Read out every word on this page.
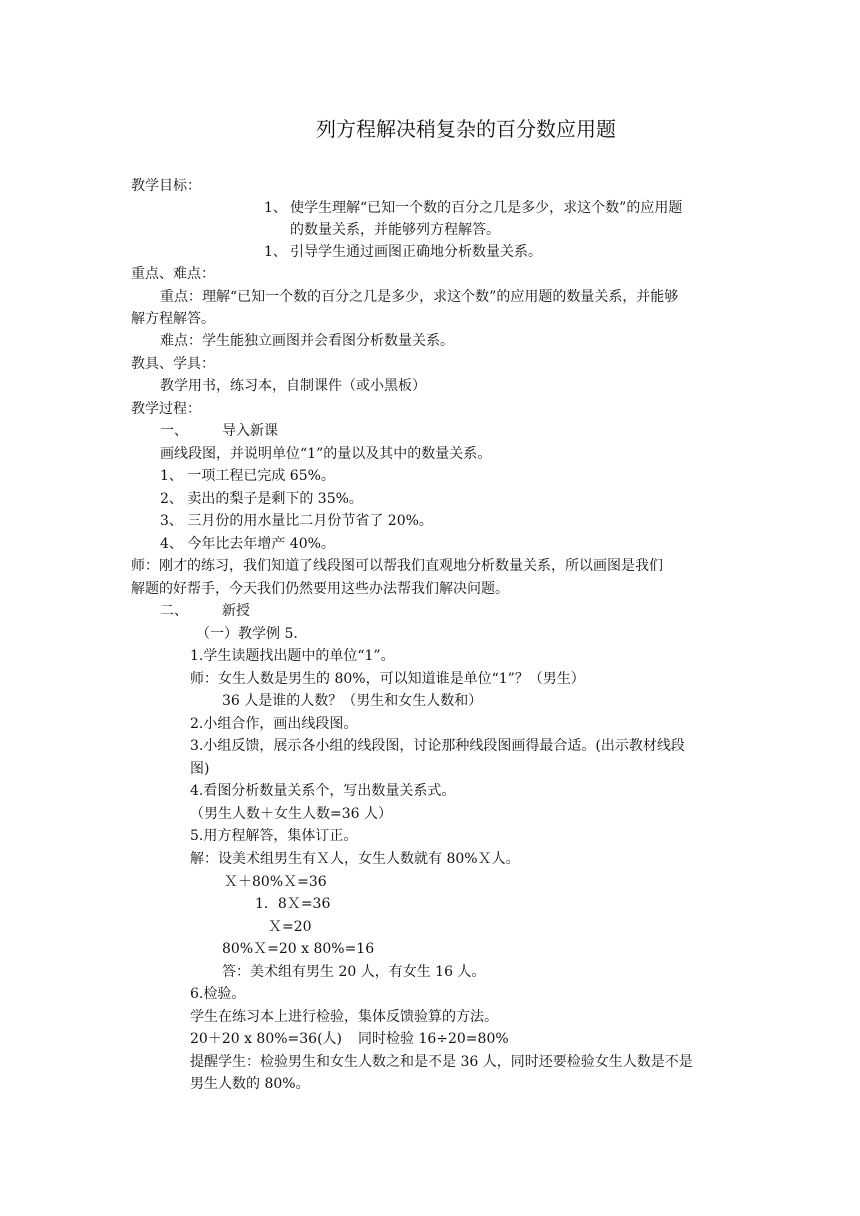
列方程解决稍复杂的百分数应用题
教学目标：
1、 使学生理解“已知一个数的百分之几是多少，求这个数”的应用题
的数量关系，并能够列方程解答。
1、 引导学生通过画图正确地分析数量关系。
重点、难点：
重点：理解“已知一个数的百分之几是多少，求这个数”的应用题的数量关系，并能够
解方程解答。
难点：学生能独立画图并会看图分析数量关系。
教具、学具：
教学用书，练习本，自制课件（或小黑板）
教学过程：
一、 导入新课
画线段图，并说明单位“1”的量以及其中的数量关系。
1、 一项工程已完成 65%。
2、 卖出的梨子是剩下的 35%。
3、 三月份的用水量比二月份节省了 20%。
4、 今年比去年增产 40%。
师：刚才的练习，我们知道了线段图可以帮我们直观地分析数量关系，所以画图是我们
解题的好帮手，今天我们仍然要用这些办法帮我们解决问题。
二、 新授
（一）教学例 5.
1.学生读题找出题中的单位“1”。
师：女生人数是男生的 80%，可以知道谁是单位“1”？（男生）
36 人是谁的人数？（男生和女生人数和）
2.小组合作，画出线段图。
3.小组反馈，展示各小组的线段图，讨论那种线段图画得最合适。(出示教材线段
图)
4.看图分析数量关系个，写出数量关系式。
（男生人数＋女生人数=36 人）
5.用方程解答，集体订正。
解：设美术组男生有Ｘ人，女生人数就有 80%Ｘ人。
Ｘ＋80%Ｘ=36
1．8Ｘ=36
Ｘ=20
80%Ｘ=20 x 80%=16
答：美术组有男生 20 人，有女生 16 人。
6.检验。
学生在练习本上进行检验，集体反馈验算的方法。
20＋20 x 80%=36(人) 同时检验 16÷20=80%
提醒学生：检验男生和女生人数之和是不是 36 人，同时还要检验女生人数是不是
男生人数的 80%。
